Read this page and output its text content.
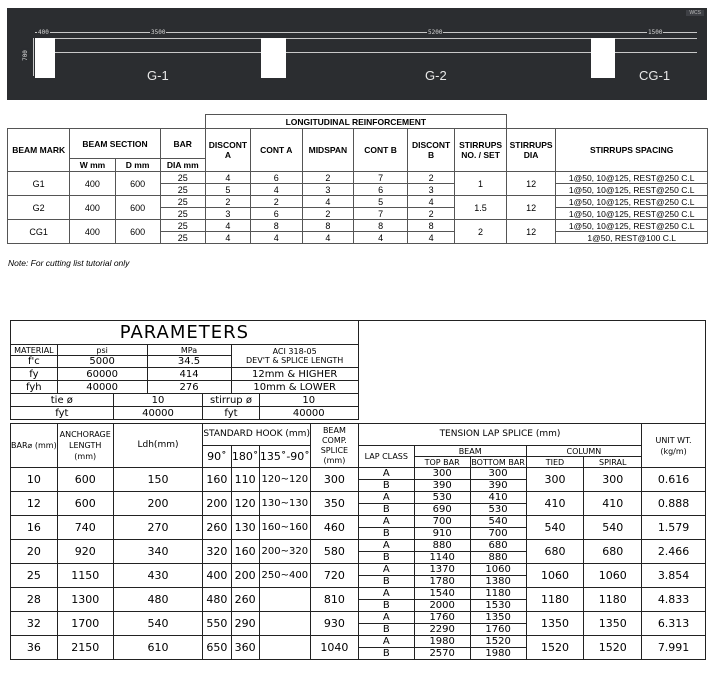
WCS
700
400	3500	5200	1500
G-1	G-2	CG-1
				LONGITUDINAL REINFORCEMENT							
BEAM MARK	BEAM SECTION		BAR	DISCONT A	CONT A	MIDSPAN	CONT B	DISCONT B	STIRRUPS NO. / SET	STIRRUPS DIA	STIRRUPS SPACING
	W mm	D mm	DIA mm								
G1	400	600	25	4	6	2	7	2	1	12	1@50, 10@125, REST@250 C.L
			25	5	4	3	6	3			1@50, 10@125, REST@250 C.L
G2	400	600	25	2	2	4	5	4	1.5	12	1@50, 10@125, REST@250 C.L
			25	3	6	2	7	2			1@50, 10@125, REST@250 C.L
CG1	400	600	25	4	8	8	8	8	2	12	1@50, 10@125, REST@250 C.L
			25	4	4	4	4	4			1@50, REST@100 C.L
Note: For cutting list tutorial only
PARAMETERS													
MATERIAL	psi		MPa		ACI 318-05
DEV'T & SPLICE LENGTH								
f'c	5000		34.5										
fy	60000		414		12mm & HIGHER								
fyh	40000		276		10mm & LOWER								
tie ø		10		stirrup ø		10							
fyt		40000		fyt		40000							

BAR⌀ (mm)	ANCHORAGE LENGTH (mm)	Ldh(mm)		STANDARD HOOK (mm)			BEAM COMP. SPLICE (mm)	TENSION LAP SPLICE (mm)					UNIT WT. (kg/m)
				90˚	180˚	135˚-90˚		LAP CLASS	BEAM		COLUMN		
									TOP BAR	BOTTOM BAR	TIED	SPIRAL	
10	600	150		160	110	120~120	300	A	300	300	300	300	0.616
								B	390	390			
12	600	200		200	120	130~130	350	A	530	410	410	410	0.888
								B	690	530			
16	740	270		260	130	160~160	460	A	700	540	540	540	1.579
								B	910	700			
20	920	340		320	160	200~320	580	A	880	680	680	680	2.466
								B	1140	880			
25	1150	430		400	200	250~400	720	A	1370	1060	1060	1060	3.854
								B	1780	1380			
28	1300	480		480	260		810	A	1540	1180	1180	1180	4.833
								B	2000	1530			
32	1700	540		550	290		930	A	1760	1350	1350	1350	6.313
								B	2290	1760			
36	2150	610		650	360		1040	A	1980	1520	1520	1520	7.991
								B	2570	1980			
